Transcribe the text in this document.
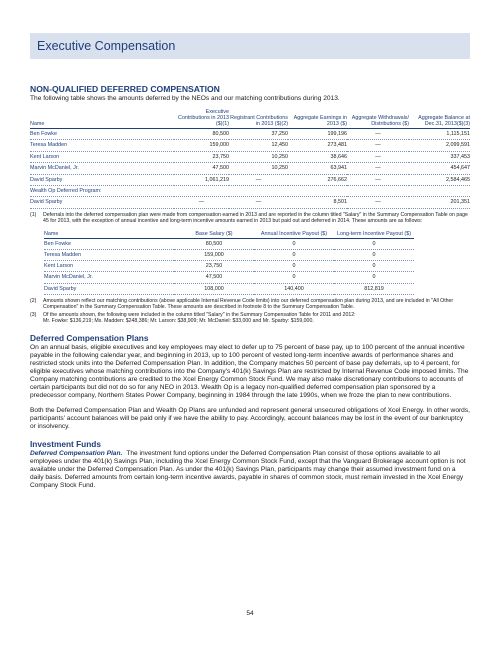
Executive Compensation
NON-QUALIFIED DEFERRED COMPENSATION

The following table shows the amounts deferred by the NEOs and our matching contributions during 2013.

Name	Executive Contributions in 2013 ($)(1)	Registrant Contributions in 2013 ($)(2)	Aggregate Earnings in 2013 ($)	Aggregate Withdrawals/ Distributions ($)	Aggregate Balance at Dec.31, 2013($)(3)
Ben Fowke	80,500	37,250	199,196	—	1,115,151
Teresa Madden	159,000	12,450	273,481	—	2,099,591
Kent Larson	23,750	10,250	38,646	—	337,453
Marvin McDaniel, Jr.	47,500	10,250	63,941	—	454,647
David Sparby	1,061,219	—	276,662	—	2,584,465
Wealth Op Deferred Program:					
David Sparby	—	—	8,501	—	201,351
(1)	Deferrals into the deferred compensation plan were made from compensation earned in 2013 and are reported in the column titled "Salary" in the Summary Compensation Table on page 45 for 2013, with the exception of annual incentive and long-term incentive amounts earned in 2013 but paid out and deferred in 2014. These amounts are as follows:
Name	Base Salary ($)	Annual Incentive Payout ($)	Long-term Incentive Payout ($)
Ben Fowke	80,500	0	0
Teresa Madden	159,000	0	0
Kent Larson	23,750	0	0
Marvin McDaniel, Jr.	47,500	0	0
David Sparby	108,000	140,400	812,819
(2)	Amounts shown reflect our matching contributions (above applicable Internal Revenue Code limits) into our deferred compensation plan during 2013, and are included in "All Other Compensation" in the Summary Compensation Table. These amounts are described in footnote 8 to the Summary Compensation Table.
(3)	Of the amounts shown, the following were included in the column titled "Salary" in the Summary Compensation Table for 2011 and 2012:
Mr. Fowke: $136,219; Ms. Madden: $248,386; Mr. Larson: $38,909; Mr. McDaniel: $33,000 and Mr. Sparby: $159,000.
Deferred Compensation Plans

On an annual basis, eligible executives and key employees may elect to defer up to 75 percent of base pay, up to 100 percent of the annual incentive payable in the following calendar year, and beginning in 2013, up to 100 percent of vested long-term incentive awards of performance shares and restricted stock units into the Deferred Compensation Plan. In addition, the Company matches 50 percent of base pay deferrals, up to 4 percent, for eligible executives whose matching contributions into the Company's 401(k) Savings Plan are restricted by Internal Revenue Code imposed limits. The Company matching contributions are credited to the Xcel Energy Common Stock Fund. We may also make discretionary contributions to accounts of certain participants but did not do so for any NEO in 2013. Wealth Op is a legacy non-qualified deferred compensation plan sponsored by a predecessor company, Northern States Power Company, beginning in 1984 through the late 1990s, when we froze the plan to new contributions.

Both the Deferred Compensation Plan and Wealth Op Plans are unfunded and represent general unsecured obligations of Xcel Energy. In other words, participants' account balances will be paid only if we have the ability to pay. Accordingly, account balances may be lost in the event of our bankruptcy or insolvency.

Investment Funds

Deferred Compensation Plan. The investment fund options under the Deferred Compensation Plan consist of those options available to all employees under the 401(k) Savings Plan, including the Xcel Energy Common Stock Fund, except that the Vanguard Brokerage account option is not available under the Deferred Compensation Plan. As under the 401(k) Savings Plan, participants may change their assumed investment fund on a daily basis. Deferred amounts from certain long-term incentive awards, payable in shares of common stock, must remain invested in the Xcel Energy Company Stock Fund.

54
